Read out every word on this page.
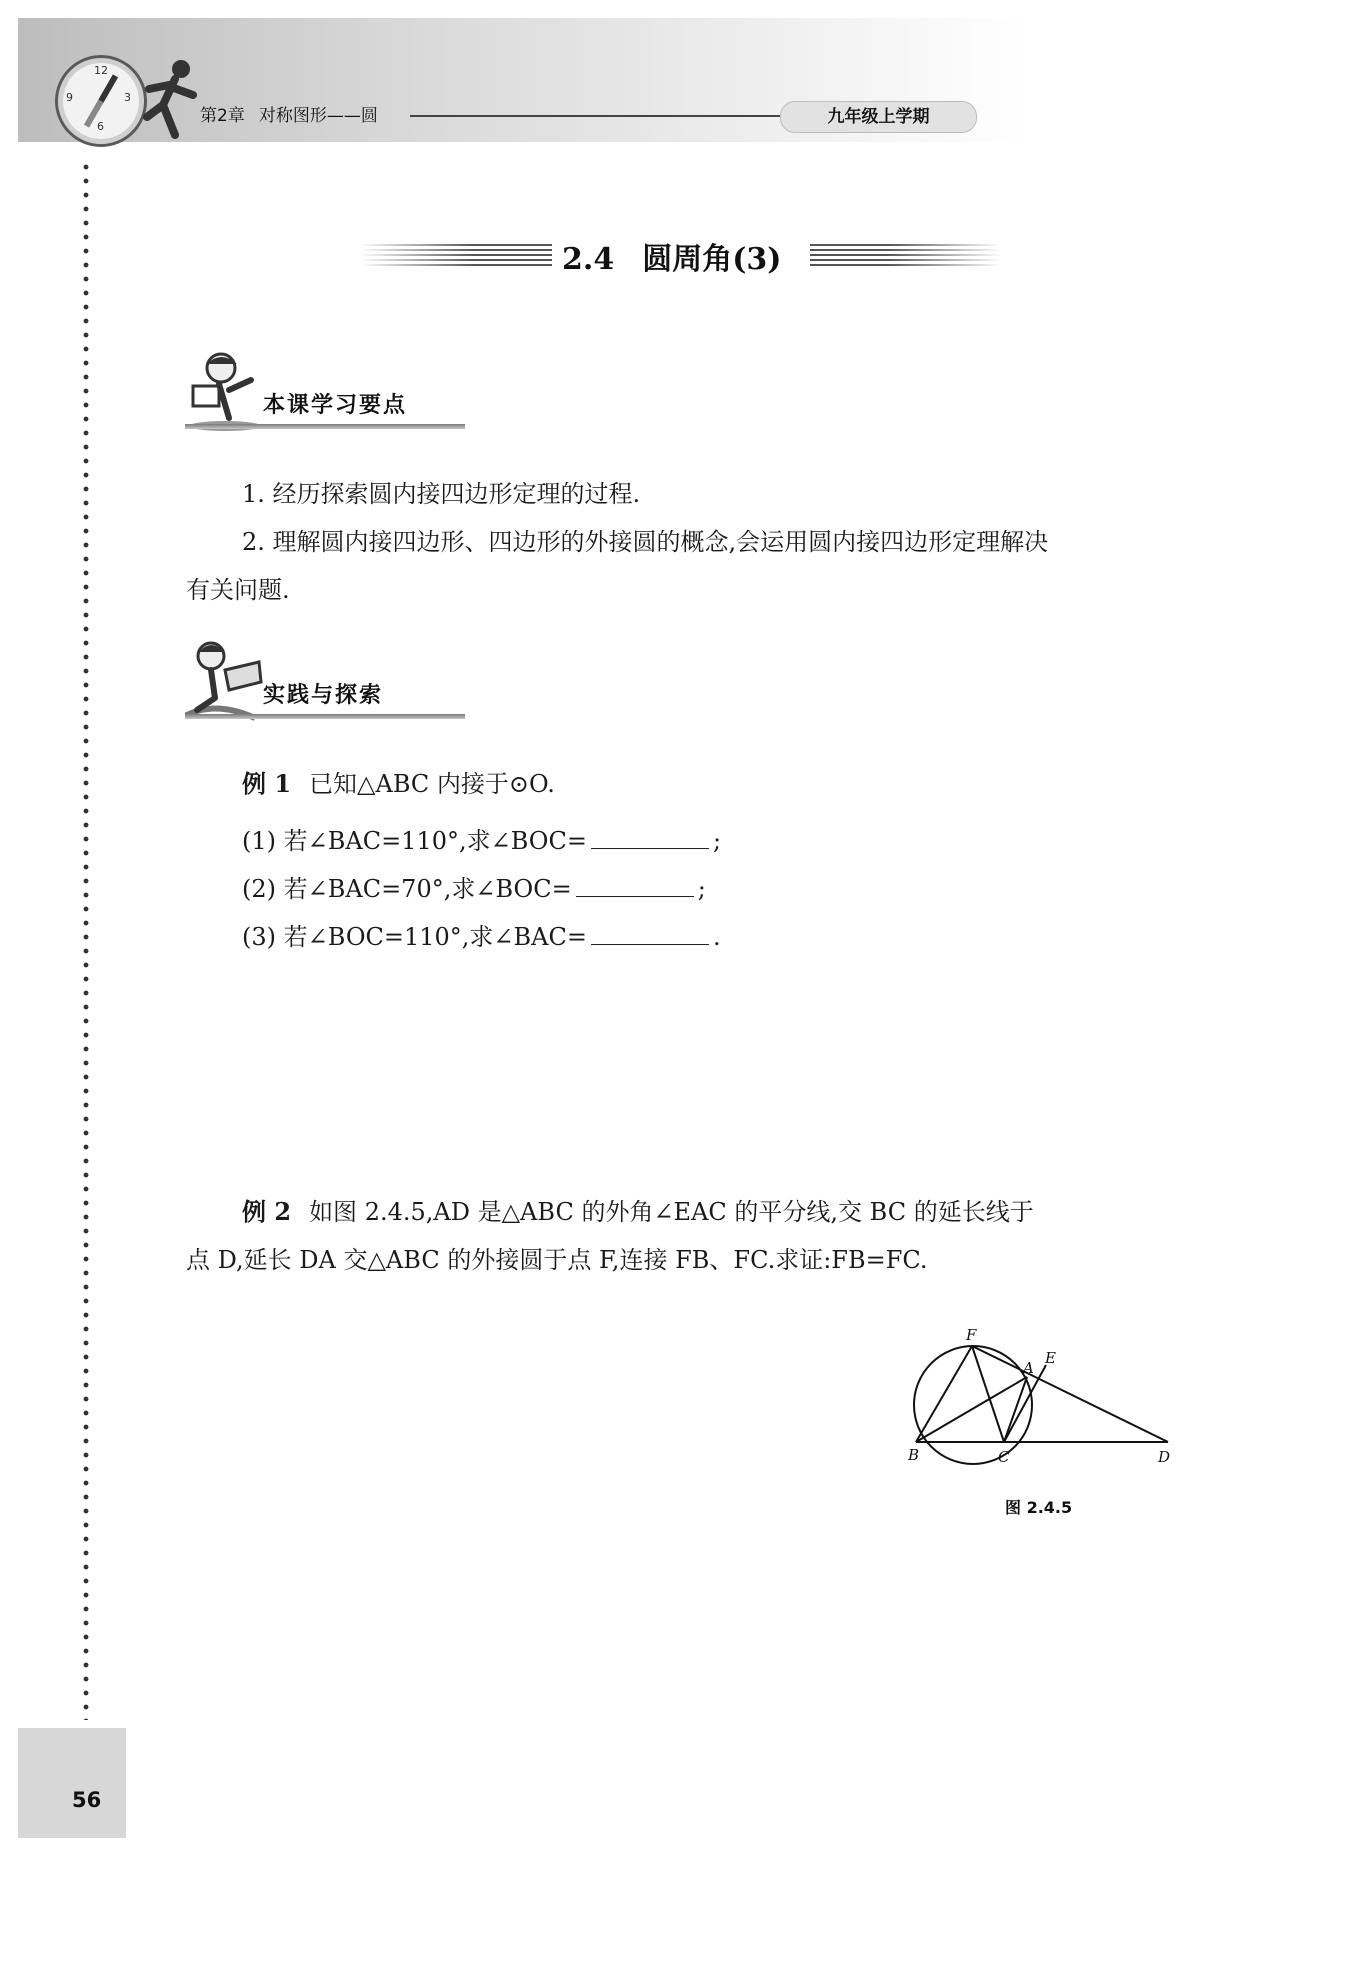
12
3
6
9
第2章 对称图形——圆	九年级上学期
56
2.4 圆周角(3)
本课学习要点
1. 经历探索圆内接四边形定理的过程.
2. 理解圆内接四边形、四边形的外接圆的概念,会运用圆内接四边形定理解决
有关问题.
实践与探索
例 1 已知△ABC 内接于⊙O.
(1) 若∠BAC=110°,求∠BOC=	;
(2) 若∠BAC=70°,求∠BOC=	;
(3) 若∠BOC=110°,求∠BAC=	.
例 2 如图 2.4.5,AD 是△ABC 的外角∠EAC 的平分线,交 BC 的延长线于
点 D,延长 DA 交△ABC 的外接圆于点 F,连接 FB、FC.求证:FB=FC.
F
E
A
B	C	D
图 2.4.5
